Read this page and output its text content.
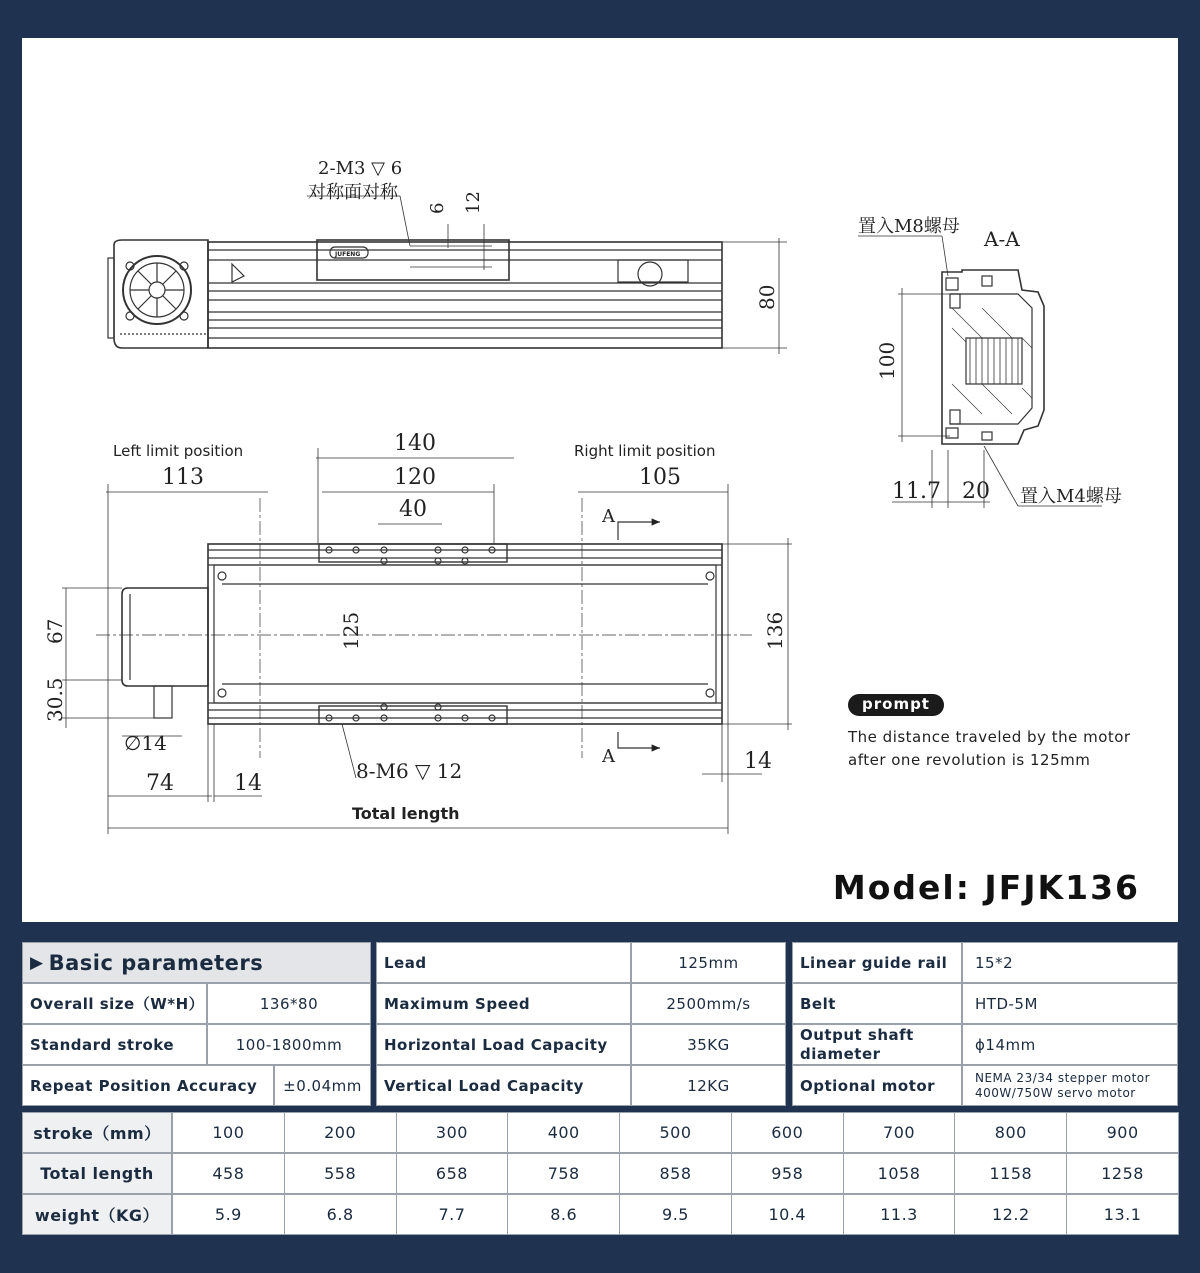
2-M3 ▽ 6
对称面对称
6 12
80
113
140
120
40
105
125	136
67
30.5
∅14
74	14
14
8-M6 ▽ 12
A
A
A-A
置入M8螺母
置入M4螺母
100
11.7 20
Left limit position	Right limit position
Total length
JUFENG
prompt
The distance traveled by the motor after one revolution is 125mm
Model: JFJK136
▶ Basic parameters
Overall size（W*H）	136*80
Standard stroke	100-1800mm
Repeat Position Accuracy	±0.04mm
Lead	125mm
Maximum Speed	2500mm/s
Horizontal Load Capacity	35KG
Vertical Load Capacity	12KG
Linear guide rail	15*2
Belt	HTD-5M
Output shaft diameter	ϕ14mm
Optional motor	NEMA 23/34 stepper motor
400W/750W servo motor
stroke（mm）	100	200	300	400	500	600	700	800	900
Total length	458	558	658	758	858	958	1058	1158	1258
weight（KG）	5.9	6.8	7.7	8.6	9.5	10.4	11.3	12.2	13.1
